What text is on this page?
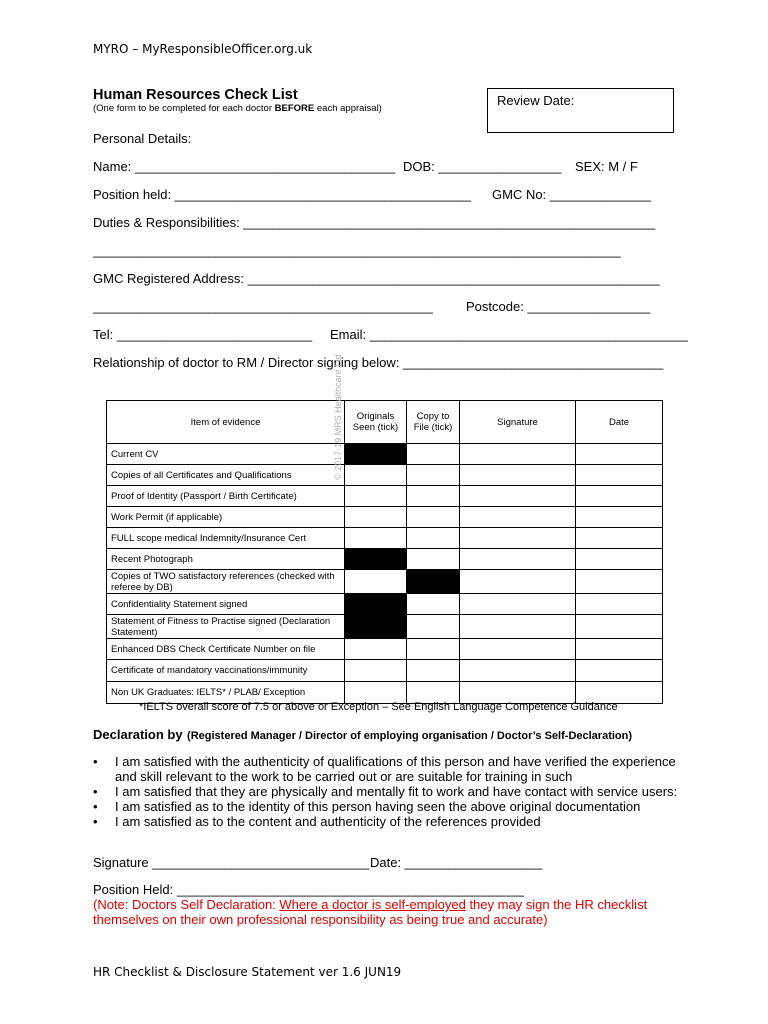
MYRO – MyResponsibleOfficer.org.uk
Human Resources Check List
(One form to be completed for each doctor BEFORE each appraisal)
Review Date:
Personal Details:
Name: ____________________________________ DOB: _________________ SEX: M / F
Position held: _________________________________________ GMC No: ______________
Duties & Responsibilities: _________________________________________________________
_________________________________________________________________________
GMC Registered Address: _________________________________________________________
_______________________________________________	Postcode: _________________
Tel: ___________________________ Email: ____________________________________________
Relationship of doctor to RM / Director signing below: ____________________________________
Item of evidence	Originals Seen (tick)	Copy to File (tick)	Signature	Date
Current CV				
Copies of all Certificates and Qualifications				
Proof of Identity (Passport / Birth Certificate)				
Work Permit (if applicable)				
FULL scope medical Indemnity/Insurance Cert				
Recent Photograph				
Copies of TWO satisfactory references (checked with referee by DB)				
Confidentiality Statement signed				
Statement of Fitness to Practise signed (Declaration Statement)				
Enhanced DBS Check Certificate Number on file				
Certificate of mandatory vaccinations/immunity				
Non UK Graduates: IELTS* / PLAB/ Exception				
© 2017-19 MRS Healthcare Ltd
*IELTS overall score of 7.5 or above or Exception – See English Language Competence Guidance
Declaration by (Registered Manager / Director of employing organisation / Doctor’s Self-Declaration)
• I am satisfied with the authenticity of qualifications of this person and have verified the experience and skill relevant to the work to be carried out or are suitable for training in such
• I am satisfied that they are physically and mentally fit to work and have contact with service users:
• I am satisfied as to the identity of this person having seen the above original documentation
• I am satisfied as to the content and authenticity of the references provided
Signature ______________________________ Date: ___________________
Position Held: ________________________________________________
(Note: Doctors Self Declaration: Where a doctor is self-employed they may sign the HR checklist themselves on their own professional responsibility as being true and accurate)
HR Checklist & Disclosure Statement ver 1.6 JUN19
